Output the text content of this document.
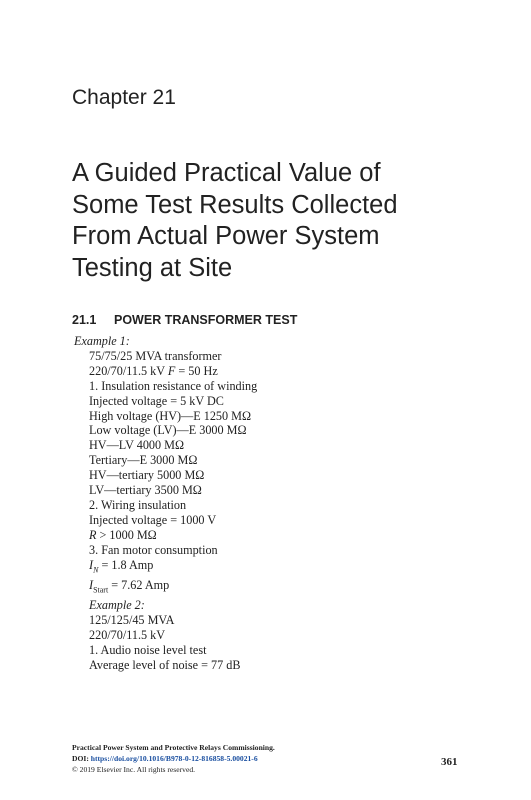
Chapter 21
A Guided Practical Value of
Some Test Results Collected
From Actual Power System
Testing at Site
21.1 POWER TRANSFORMER TEST
Example 1:
75/75/25 MVA transformer
220/70/11.5 kV F = 50 Hz
1. Insulation resistance of winding
Injected voltage = 5 kV DC
High voltage (HV)—E 1250 MΩ
Low voltage (LV)—E 3000 MΩ
HV—LV 4000 MΩ
Tertiary—E 3000 MΩ
HV—tertiary 5000 MΩ
LV—tertiary 3500 MΩ
2. Wiring insulation
Injected voltage = 1000 V
R > 1000 MΩ
3. Fan motor consumption
$I_N = 1.8$ Amp
$I_{Start} = 7.62$ Amp
Example 2:
125/125/45 MVA
220/70/11.5 kV
1. Audio noise level test
Average level of noise = 77 dB
Practical Power System and Protective Relays Commissioning.
DOI: https://doi.org/10.1016/B978-0-12-816858-5.00021-6
© 2019 Elsevier Inc. All rights reserved.
361
